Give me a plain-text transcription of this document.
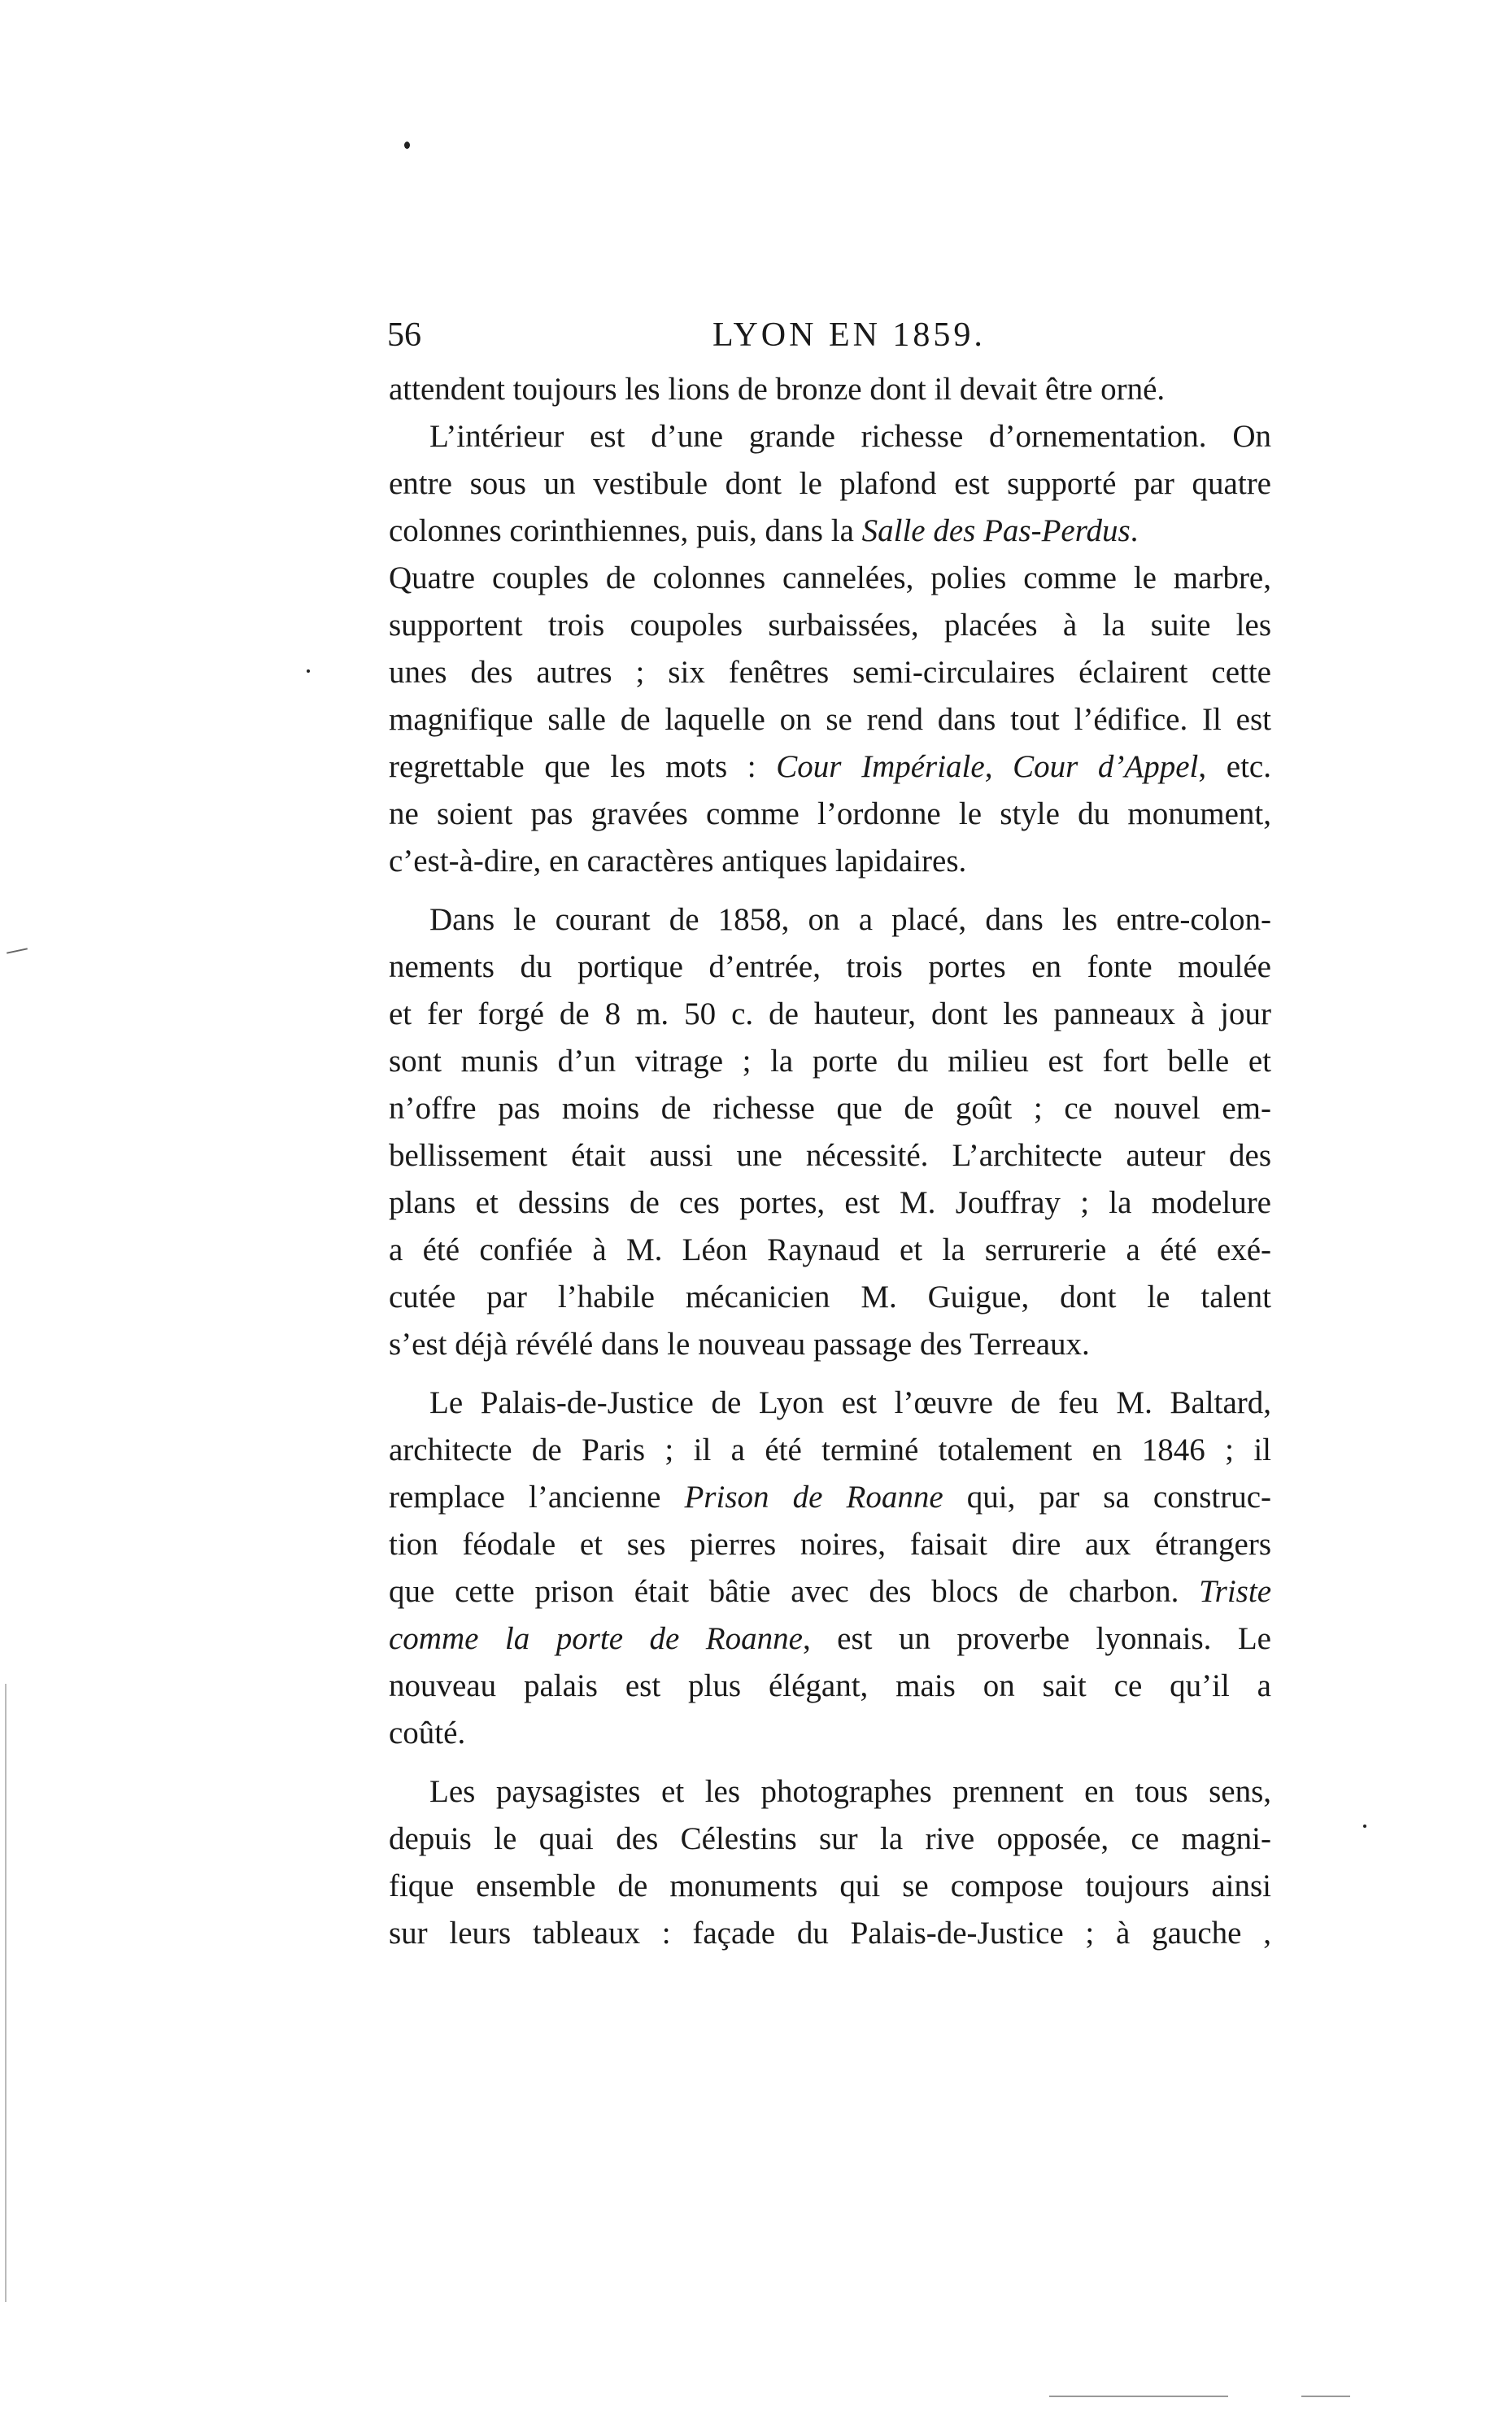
56	LYON EN 1859.
attendent toujours les lions de bronze dont il devait être orné.
L’intérieur est d’une grande richesse d’ornementation. On
entre sous un vestibule dont le plafond est supporté par quatre
colonnes corinthiennes, puis, dans la Salle des Pas-Perdus.
Quatre couples de colonnes cannelées, polies comme le marbre,
supportent trois coupoles surbaissées, placées à la suite les
unes des autres ; six fenêtres semi-circulaires éclairent cette
magnifique salle de laquelle on se rend dans tout l’édifice. Il est
regrettable que les mots : Cour Impériale, Cour d’Appel, etc.
ne soient pas gravées comme l’ordonne le style du monument,
c’est-à-dire, en caractères antiques lapidaires.
Dans le courant de 1858, on a placé, dans les entre-colon-
nements du portique d’entrée, trois portes en fonte moulée
et fer forgé de 8 m. 50 c. de hauteur, dont les panneaux à jour
sont munis d’un vitrage ; la porte du milieu est fort belle et
n’offre pas moins de richesse que de goût ; ce nouvel em-
bellissement était aussi une nécessité. L’architecte auteur des
plans et dessins de ces portes, est M. Jouffray ; la modelure
a été confiée à M. Léon Raynaud et la serrurerie a été exé-
cutée par l’habile mécanicien M. Guigue, dont le talent
s’est déjà révélé dans le nouveau passage des Terreaux.
Le Palais-de-Justice de Lyon est l’œuvre de feu M. Baltard,
architecte de Paris ; il a été terminé totalement en 1846 ; il
remplace l’ancienne Prison de Roanne qui, par sa construc-
tion féodale et ses pierres noires, faisait dire aux étrangers
que cette prison était bâtie avec des blocs de charbon. Triste
comme la porte de Roanne, est un proverbe lyonnais. Le
nouveau palais est plus élégant, mais on sait ce qu’il a
coûté.
Les paysagistes et les photographes prennent en tous sens,
depuis le quai des Célestins sur la rive opposée, ce magni-
fique ensemble de monuments qui se compose toujours ainsi
sur leurs tableaux : façade du Palais-de-Justice ; à gauche ,
